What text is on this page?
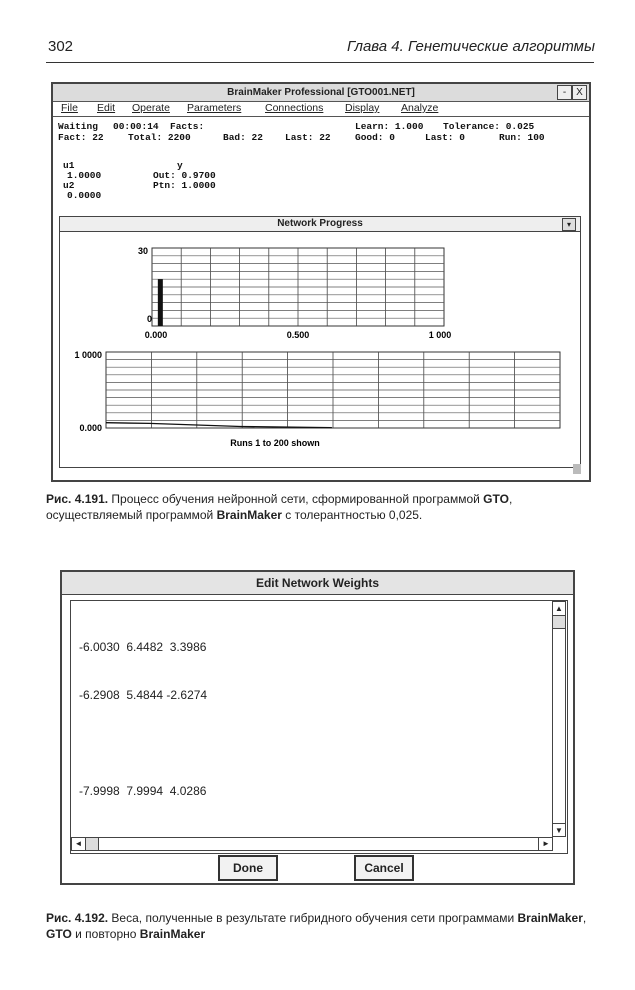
302	Глава 4. Генетические алгоритмы
BrainMaker Professional [GTO001.NET]	- X
File Edit Operate Parameters Connections Display Analyze
Waiting 00:00:14 Facts:	Learn: 1.000 Tolerance: 0.025
Fact: 22	Total: 2200	Bad: 22 Last: 22	Good: 0	Last: 0	Run: 100
u1
1.0000
u2
0.0000
y
Out: 0.9700
Ptn: 1.0000
Network Progress	▾
30
0
0.000	0.500	1 000
1 0000
0.000
Runs 1 to 200 shown
Рис. 4.191. Процесс обучения нейронной сети, сформированной программой GTO, осуществляемый программой BrainMaker с толерантностью 0,025.
Edit Network Weights

-6.0030  6.4482  3.3986

-6.2908  5.4844 -2.6274

-7.9998  7.9994  4.0286

▲
▼
◄	►
Done	Cancel
Рис. 4.192. Веса, полученные в результате гибридного обучения сети программами BrainMaker, GTO и повторно BrainMaker
